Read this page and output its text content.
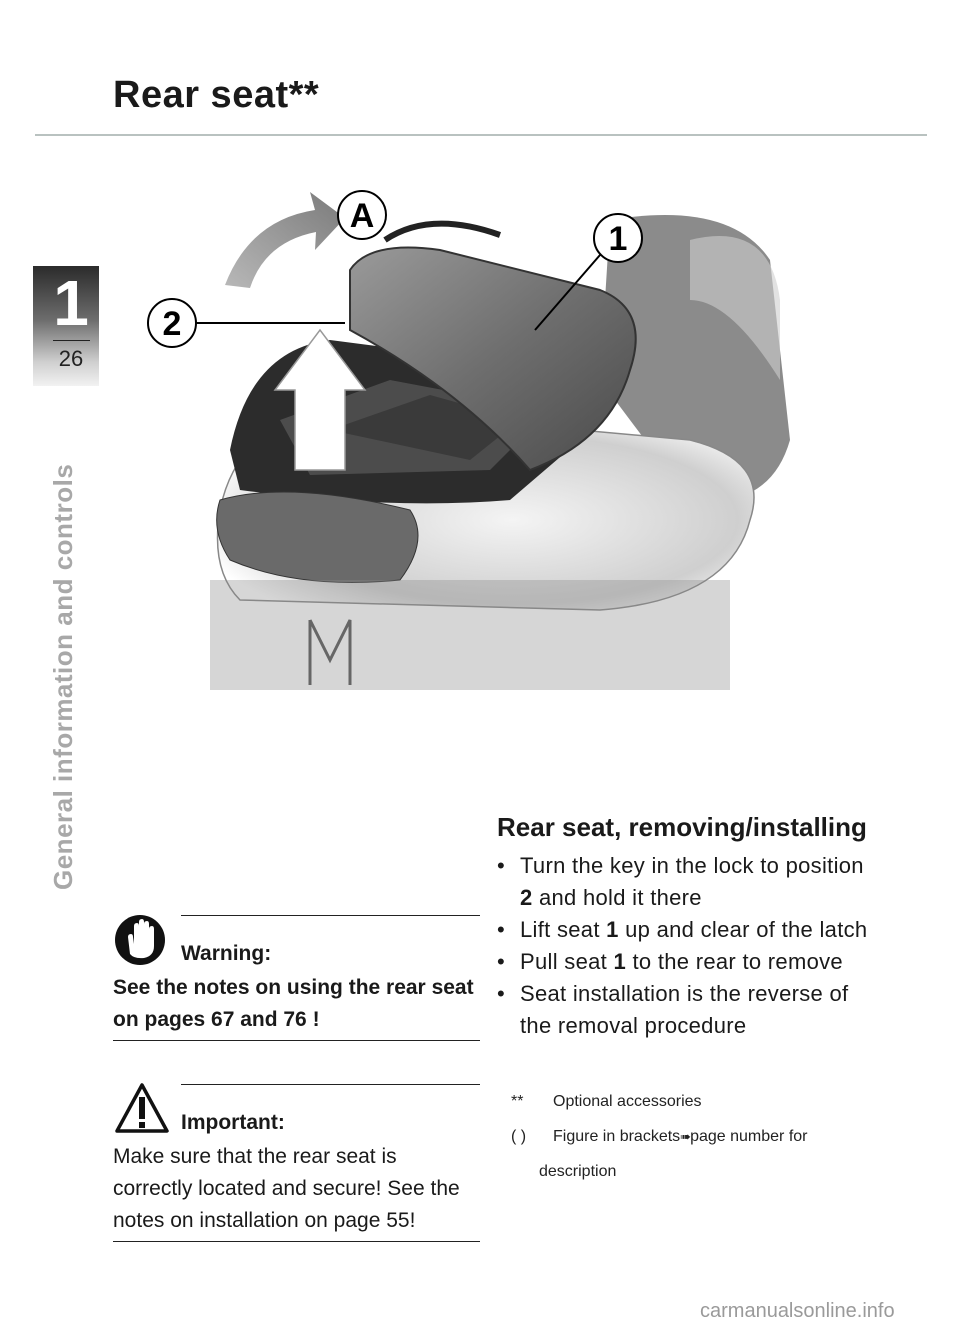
Rear seat**
1
26
General information and controls
A
1
2
Warning:
See the notes on using the rear seat on pages 67 and 76 !
Important:
Make sure that the rear seat is correctly located and secure! See the notes on installation on page 55!
Rear seat, removing/installing
• Turn the key in the lock to position 2 and hold it there
• Lift seat 1 up and clear of the latch
• Pull seat 1 to the rear to remove
• Seat installation is the reverse of the removal procedure
**	Optional accessories
( )	Figure in brackets➠page number for
description
carmanualsonline.info
